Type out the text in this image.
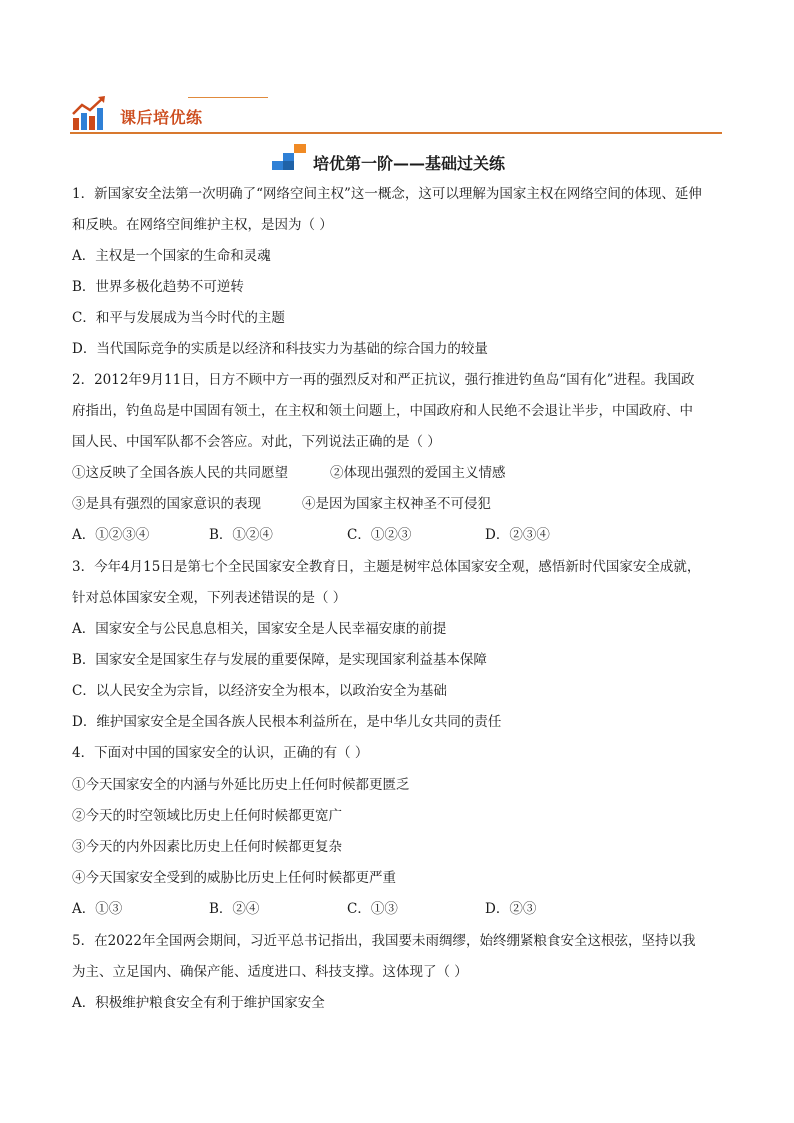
课后培优练
培优第一阶——基础过关练
1．新国家安全法第一次明确了“网络空间主权”这一概念，这可以理解为国家主权在网络空间的体现、延伸
和反映。在网络空间维护主权，是因为（ ）
A．主权是一个国家的生命和灵魂
B．世界多极化趋势不可逆转
C．和平与发展成为当今时代的主题
D．当代国际竞争的实质是以经济和科技实力为基础的综合国力的较量
2．2012年9月11日，日方不顾中方一再的强烈反对和严正抗议，强行推进钓鱼岛“国有化”进程。我国政
府指出，钓鱼岛是中国固有领土，在主权和领土问题上，中国政府和人民绝不会退让半步，中国政府、中
国人民、中国军队都不会答应。对此，下列说法正确的是（ ）
①这反映了全国各族人民的共同愿望	②体现出强烈的爱国主义情感
③是具有强烈的国家意识的表现	④是因为国家主权神圣不可侵犯
A．①②③④	B．①②④	C．①②③	D．②③④
3．今年4月15日是第七个全民国家安全教育日，主题是树牢总体国家安全观，感悟新时代国家安全成就，
针对总体国家安全观，下列表述错误的是（ ）
A．国家安全与公民息息相关，国家安全是人民幸福安康的前提
B．国家安全是国家生存与发展的重要保障，是实现国家利益基本保障
C．以人民安全为宗旨，以经济安全为根本，以政治安全为基础
D．维护国家安全是全国各族人民根本利益所在，是中华儿女共同的责任
4．下面对中国的国家安全的认识，正确的有（ ）
①今天国家安全的内涵与外延比历史上任何时候都更匮乏
②今天的时空领域比历史上任何时候都更宽广
③今天的内外因素比历史上任何时候都更复杂
④今天国家安全受到的威胁比历史上任何时候都更严重
A．①③	B．②④	C．①③	D．②③
5．在2022年全国两会期间，习近平总书记指出，我国要未雨绸缪，始终绷紧粮食安全这根弦，坚持以我
为主、立足国内、确保产能、适度进口、科技支撑。这体现了（ ）
A．积极维护粮食安全有利于维护国家安全
